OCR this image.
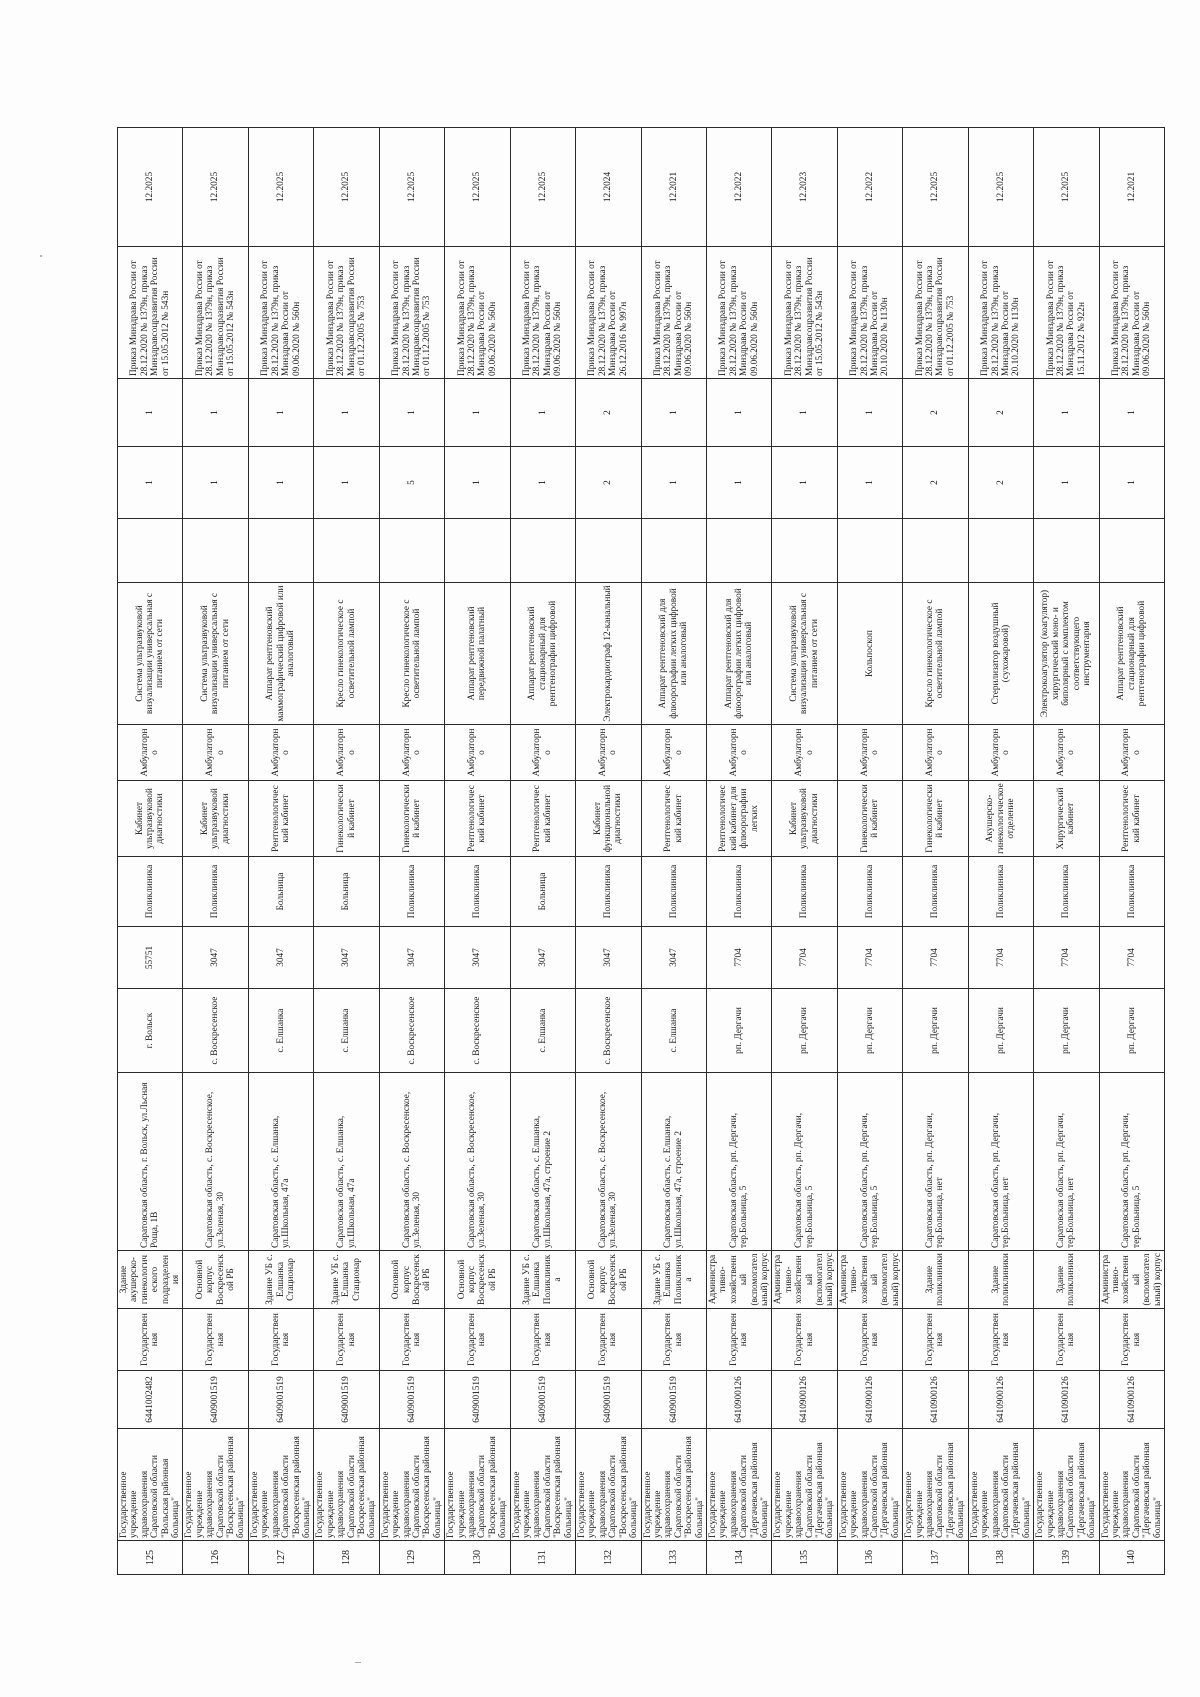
125	Государственное учреждение здравоохранения Саратовской области "Вольская районная больница"	6441002482	Государственная	Здание акушерско-гинекологического подразделения	Саратовская область, г. Вольск, ул.Льсная Роща, 1В	г. Вольск	55751	Поликлиника	Кабинет ультразвуковой диагностики	Амбулаторно	Система ультразвуковой визуализации универсальная с питанием от сети		1	1	Приказ Минздрава России от 28.12.2020 № 1379н, приказ Минздравсоцразвития России от 15.05.2012 № 543н	12.2025
126	Государственное учреждение здравоохранения Саратовской области "Воскресенская районная больница"	6409001519	Государственная	Основной корпус Воскресенской РБ	Саратовская область, с. Воскресенское, ул.Зеленая, 30	с. Воскресенское	3047	Поликлиника	Кабинет ультразвуковой диагностики	Амбулаторно	Система ультразвуковой визуализации универсальная с питанием от сети		1	1	Приказ Минздрава России от 28.12.2020 № 1379н, приказ Минздравсоцразвития России от 15.05.2012 № 543н	12.2025
127	Государственное учреждение здравоохранения Саратовской области "Воскресенская районная больница"	6409001519	Государственная	Здание УБ с. Елшанка Стационар	Саратовская область, с. Елшанка, ул.Школьная, 47а	с. Елшанка	3047	Больница	Рентгенологический кабинет	Амбулаторно	Аппарат рентгеновский маммографический цифровой или аналоговый		1	1	Приказ Минздрава России от 28.12.2020 № 1379н, приказ Минздрава России от 09.06.2020 № 560н	12.2025
128	Государственное учреждение здравоохранения Саратовской области "Воскресенская районная больница"	6409001519	Государственная	Здание УБ с. Елшанка Стационар	Саратовская область, с. Елшанка, ул.Школьная, 47а	с. Елшанка	3047	Больница	Гинекологический кабинет	Амбулаторно	Кресло гинекологическое с осветительной лампой		1	1	Приказ Минздрава России от 28.12.2020 № 1379н, приказ Минздравсоцразвития России от 01.12.2005 № 753	12.2025
129	Государственное учреждение здравоохранения Саратовской области "Воскресенская районная больница"	6409001519	Государственная	Основной корпус Воскресенской РБ	Саратовская область, с. Воскресенское, ул.Зеленая, 30	с. Воскресенское	3047	Поликлиника	Гинекологический кабинет	Амбулаторно	Кресло гинекологическое с осветительной лампой		5	1	Приказ Минздрава России от 28.12.2020 № 1379н, приказ Минздравсоцразвития России от 01.12.2005 № 753	12.2025
130	Государственное учреждение здравоохранения Саратовской области "Воскресенская районная больница"	6409001519	Государственная	Основной корпус Воскресенской РБ	Саратовская область, с. Воскресенское, ул.Зеленая, 30	с. Воскресенское	3047	Поликлиника	Рентгенологический кабинет	Амбулаторно	Аппарат рентгеновский передвижной палатный		1	1	Приказ Минздрава России от 28.12.2020 № 1379н, приказ Минздрава России от 09.06.2020 № 560н	12.2025
131	Государственное учреждение здравоохранения Саратовской области "Воскресенская районная больница"	6409001519	Государственная	Здание УБ с. Елшанка Поликлиника	Саратовская область, с. Елшанка, ул.Школьная, 47а, строение 2	с. Елшанка	3047	Больница	Рентгенологический кабинет	Амбулаторно	Аппарат рентгеновский стационарный для рентгенографии цифровой		1	1	Приказ Минздрава России от 28.12.2020 № 1379н, приказ Минздрава России от 09.06.2020 № 560н	12.2025
132	Государственное учреждение здравоохранения Саратовской области "Воскресенская районная больница"	6409001519	Государственная	Основной корпус Воскресенской РБ	Саратовская область, с. Воскресенское, ул.Зеленая, 30	с. Воскресенское	3047	Поликлиника	Кабинет функциональной диагностики	Амбулаторно	Электрокардиограф 12-канальный		2	2	Приказ Минздрава России от 28.12.2020 № 1379н, приказ Минздрава России от 26.12.2016 № 997н	12.2024
133	Государственное учреждение здравоохранения Саратовской области "Воскресенская районная больница"	6409001519	Государственная	Здание УБ с. Елшанка Поликлиника	Саратовская область, с. Елшанка, ул.Школьная, 47а, строение 2	с. Елшанка	3047	Поликлиника	Рентгенологический кабинет	Амбулаторно	Аппарат рентгеновский для флюорографии легких цифровой или аналоговый		1	1	Приказ Минздрава России от 28.12.2020 № 1379н, приказ Минздрава России от 09.06.2020 № 560н	12.2021
134	Государственное учреждение здравоохранения Саратовской области "Дергачевская районная больница"	6410900126	Государственная	Административно-хозяйственный (вспомогательный) корпус	Саратовская область, рп. Дергачи, тер.Больница, 5	рп. Дергачи	7704	Поликлиника	Рентгенологический кабинет для флюорографии легких	Амбулаторно	Аппарат рентгеновский для флюорографии легких цифровой или аналоговый		1	1	Приказ Минздрава России от 28.12.2020 № 1379н, приказ Минздрава России от 09.06.2020 № 560н	12.2022
135	Государственное учреждение здравоохранения Саратовской области "Дергачевская районная больница"	6410900126	Государственная	Административно-хозяйственный (вспомогательный) корпус	Саратовская область, рп. Дергачи, тер.Больница, 5	рп. Дергачи	7704	Поликлиника	Кабинет ультразвуковой диагностики	Амбулаторно	Система ультразвуковой визуализации универсальная с питанием от сети		1	1	Приказ Минздрава России от 28.12.2020 № 1379н, приказ Минздравсоцразвития России от 15.05.2012 № 543н	12.2023
136	Государственное учреждение здравоохранения Саратовской области "Дергачевская районная больница"	6410900126	Государственная	Административно-хозяйственный (вспомогательный) корпус	Саратовская область, рп. Дергачи, тер.Больница, 5	рп. Дергачи	7704	Поликлиника	Гинекологический кабинет	Амбулаторно	Кольпоскоп		1	1	Приказ Минздрава России от 28.12.2020 № 1379н, приказ Минздрава России от 20.10.2020 № 1130н	12.2022
137	Государственное учреждение здравоохранения Саратовской области "Дергачевская районная больница"	6410900126	Государственная	Здание поликлиники	Саратовская область, рп. Дергачи, тер.Больница, нет	рп. Дергачи	7704	Поликлиника	Гинекологический кабинет	Амбулаторно	Кресло гинекологическое с осветительной лампой		2	2	Приказ Минздрава России от 28.12.2020 № 1379н, приказ Минздравсоцразвития России от 01.12.2005 № 753	12.2025
138	Государственное учреждение здравоохранения Саратовской области "Дергачевская районная больница"	6410900126	Государственная	Здание поликлиники	Саратовская область, рп. Дергачи, тер.Больница, нет	рп. Дергачи	7704	Поликлиника	Акушерско-гинекологическое отделение	Амбулаторно	Стерилизатор воздушный (сухожаровой)		2	2	Приказ Минздрава России от 28.12.2020 № 1379н, приказ Минздрава России от 20.10.2020 № 1130н	12.2025
139	Государственное учреждение здравоохранения Саратовской области "Дергачевская районная больница"	6410900126	Государственная	Здание поликлиники	Саратовская область, рп. Дергачи, тер.Больница, нет	рп. Дергачи	7704	Поликлиника	Хирургический кабинет	Амбулаторно	Электрокоагулятор (коагулятор) хирургический моно- и биполярный с комплектом соответствующего инструментария		1	1	Приказ Минздрава России от 28.12.2020 № 1379н, приказ Минздрава России от 15.11.2012 № 922н	12.2025
140	Государственное учреждение здравоохранения Саратовской области "Дергачевская районная больница"	6410900126	Государственная	Административно-хозяйственный (вспомогательный) корпус	Саратовская область, рп. Дергачи, тер.Больница, 5	рп. Дергачи	7704	Поликлиника	Рентгенологический кабинет	Амбулаторно	Аппарат рентгеновский стационарный для рентгенографии цифровой		1	1	Приказ Минздрава России от 28.12.2020 № 1379н, приказ Минздрава России от 09.06.2020 № 560н	12.2021
